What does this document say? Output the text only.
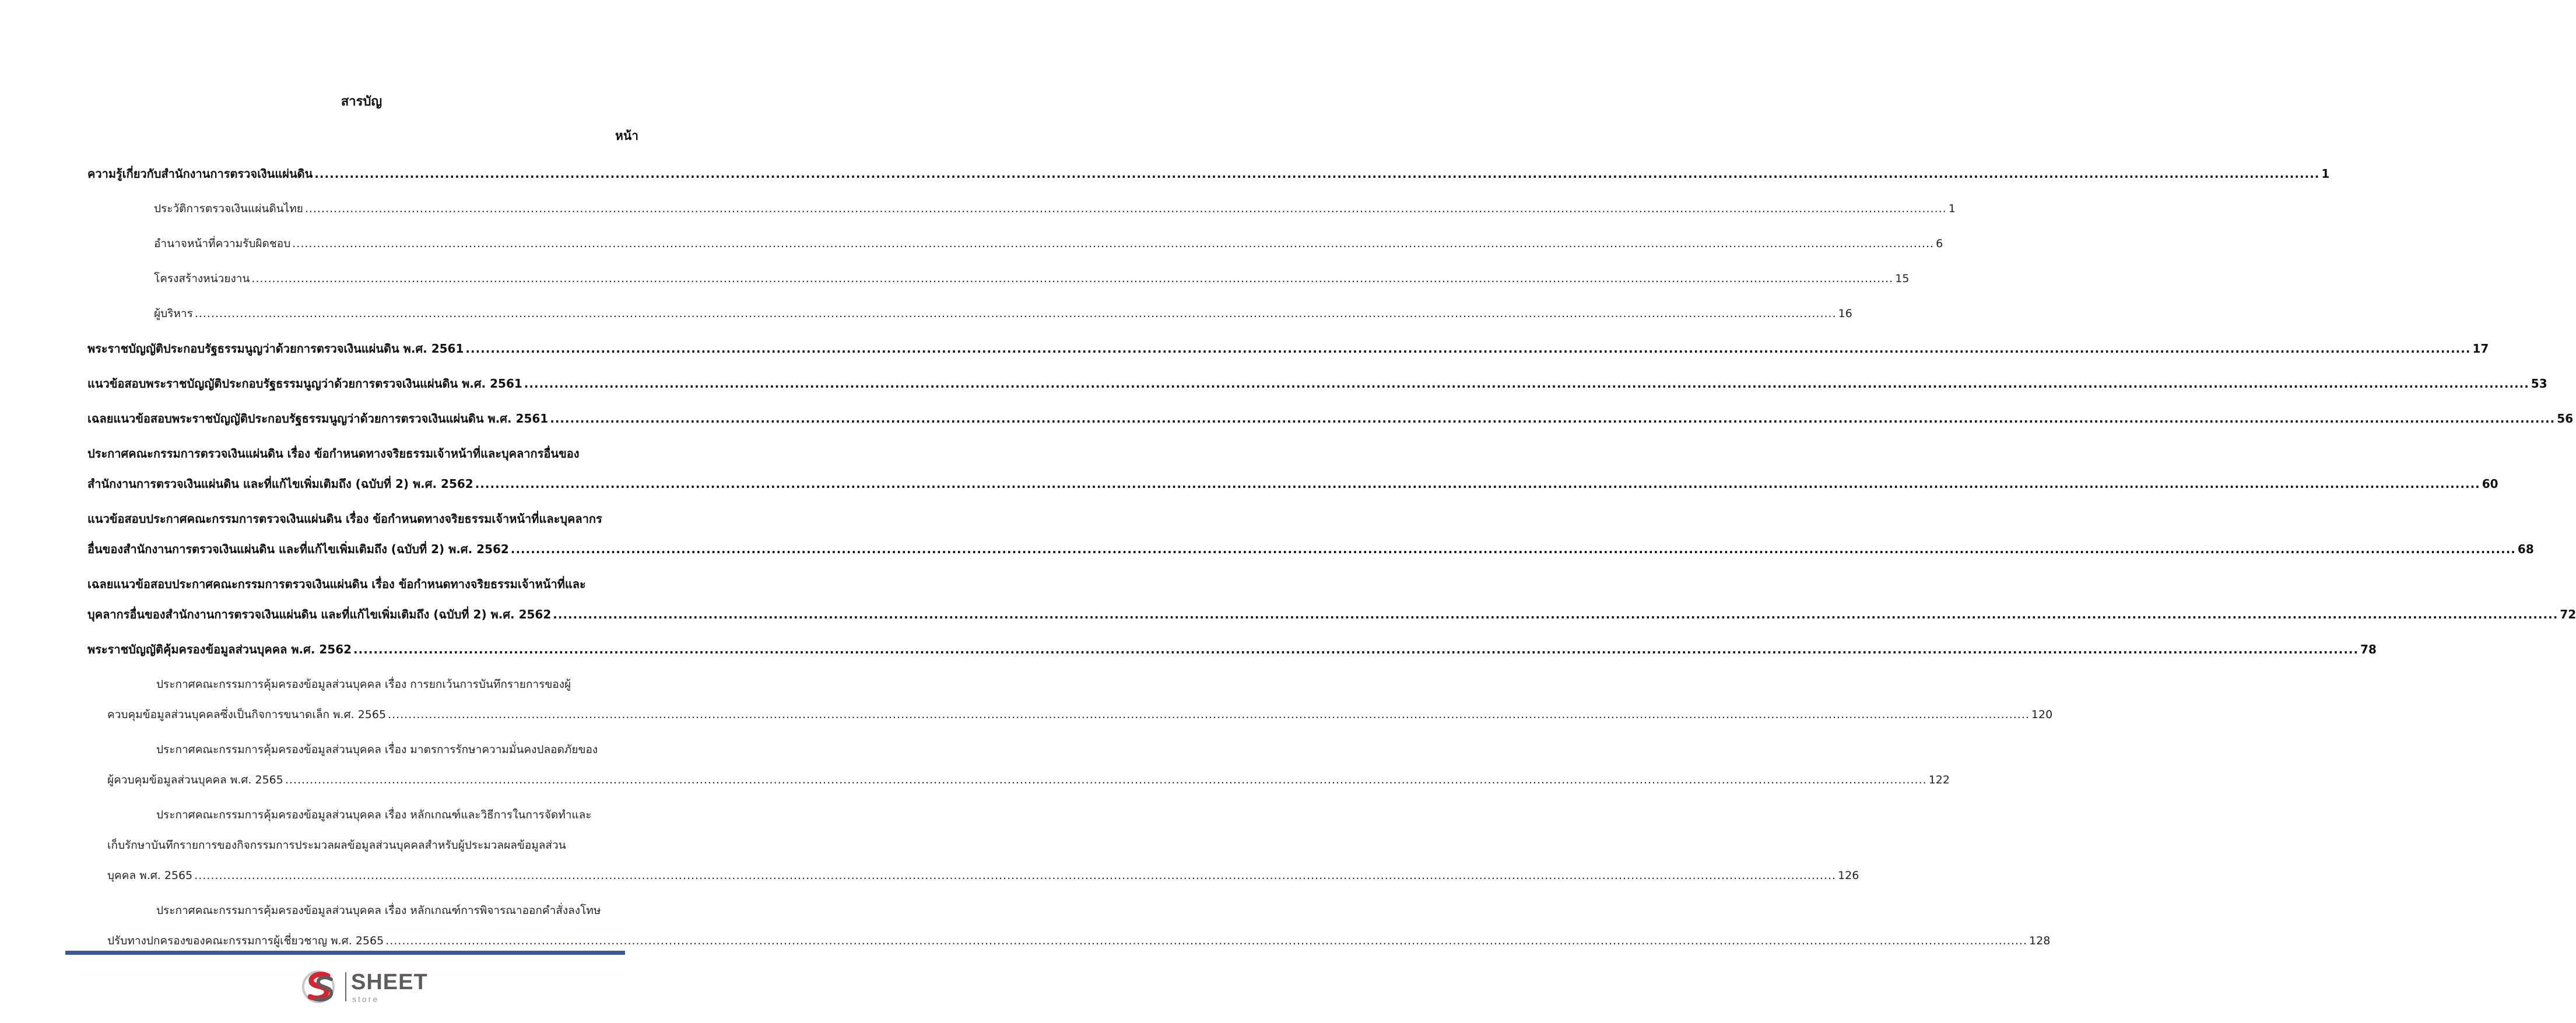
สารบัญ
หน้า
ความรู้เกี่ยวกับสำนักงานการตรวจเงินแผ่นดิน ................................................................................................................................................................................................................................................................................................................................................................................................................ 1
ประวัติการตรวจเงินแผ่นดินไทย ................................................................................................................................................................................................................................................................................................................................................................................................................ 1
อำนาจหน้าที่ความรับผิดชอบ ................................................................................................................................................................................................................................................................................................................................................................................................................ 6
โครงสร้างหน่วยงาน ................................................................................................................................................................................................................................................................................................................................................................................................................ 15
ผู้บริหาร ................................................................................................................................................................................................................................................................................................................................................................................................................ 16
พระราชบัญญัติประกอบรัฐธรรมนูญว่าด้วยการตรวจเงินแผ่นดิน พ.ศ. 2561 ................................................................................................................................................................................................................................................................................................................................................................................................................ 17
แนวข้อสอบพระราชบัญญัติประกอบรัฐธรรมนูญว่าด้วยการตรวจเงินแผ่นดิน พ.ศ. 2561 ................................................................................................................................................................................................................................................................................................................................................................................................................ 53
เฉลยแนวข้อสอบพระราชบัญญัติประกอบรัฐธรรมนูญว่าด้วยการตรวจเงินแผ่นดิน พ.ศ. 2561 ................................................................................................................................................................................................................................................................................................................................................................................................................ 56
ประกาศคณะกรรมการตรวจเงินแผ่นดิน เรื่อง ข้อกำหนดทางจริยธรรมเจ้าหน้าที่และบุคลากรอื่นของ
สำนักงานการตรวจเงินแผ่นดิน และที่แก้ไขเพิ่มเติมถึง (ฉบับที่ 2) พ.ศ. 2562 ................................................................................................................................................................................................................................................................................................................................................................................................................ 60
แนวข้อสอบประกาศคณะกรรมการตรวจเงินแผ่นดิน เรื่อง ข้อกำหนดทางจริยธรรมเจ้าหน้าที่และบุคลากร
อื่นของสำนักงานการตรวจเงินแผ่นดิน และที่แก้ไขเพิ่มเติมถึง (ฉบับที่ 2) พ.ศ. 2562 ................................................................................................................................................................................................................................................................................................................................................................................................................ 68
เฉลยแนวข้อสอบประกาศคณะกรรมการตรวจเงินแผ่นดิน เรื่อง ข้อกำหนดทางจริยธรรมเจ้าหน้าที่และ
บุคลากรอื่นของสำนักงานการตรวจเงินแผ่นดิน และที่แก้ไขเพิ่มเติมถึง (ฉบับที่ 2) พ.ศ. 2562 ................................................................................................................................................................................................................................................................................................................................................................................................................ 72
พระราชบัญญัติคุ้มครองข้อมูลส่วนบุคคล พ.ศ. 2562 ................................................................................................................................................................................................................................................................................................................................................................................................................ 78
ประกาศคณะกรรมการคุ้มครองข้อมูลส่วนบุคคล เรื่อง การยกเว้นการบันทึกรายการของผู้
ควบคุมข้อมูลส่วนบุคคลซึ่งเป็นกิจการขนาดเล็ก พ.ศ. 2565 ................................................................................................................................................................................................................................................................................................................................................................................................................ 120
ประกาศคณะกรรมการคุ้มครองข้อมูลส่วนบุคคล เรื่อง มาตรการรักษาความมั่นคงปลอดภัยของ
ผู้ควบคุมข้อมูลส่วนบุคคล พ.ศ. 2565 ................................................................................................................................................................................................................................................................................................................................................................................................................ 122
ประกาศคณะกรรมการคุ้มครองข้อมูลส่วนบุคคล เรื่อง หลักเกณฑ์และวิธีการในการจัดทำและ
เก็บรักษาบันทึกรายการของกิจกรรมการประมวลผลข้อมูลส่วนบุคคลสำหรับผู้ประมวลผลข้อมูลส่วน
บุคคล พ.ศ. 2565 ................................................................................................................................................................................................................................................................................................................................................................................................................ 126
ประกาศคณะกรรมการคุ้มครองข้อมูลส่วนบุคคล เรื่อง หลักเกณฑ์การพิจารณาออกคำสั่งลงโทษ
ปรับทางปกครองของคณะกรรมการผู้เชี่ยวชาญ พ.ศ. 2565 ................................................................................................................................................................................................................................................................................................................................................................................................................ 128
SHEET
store
